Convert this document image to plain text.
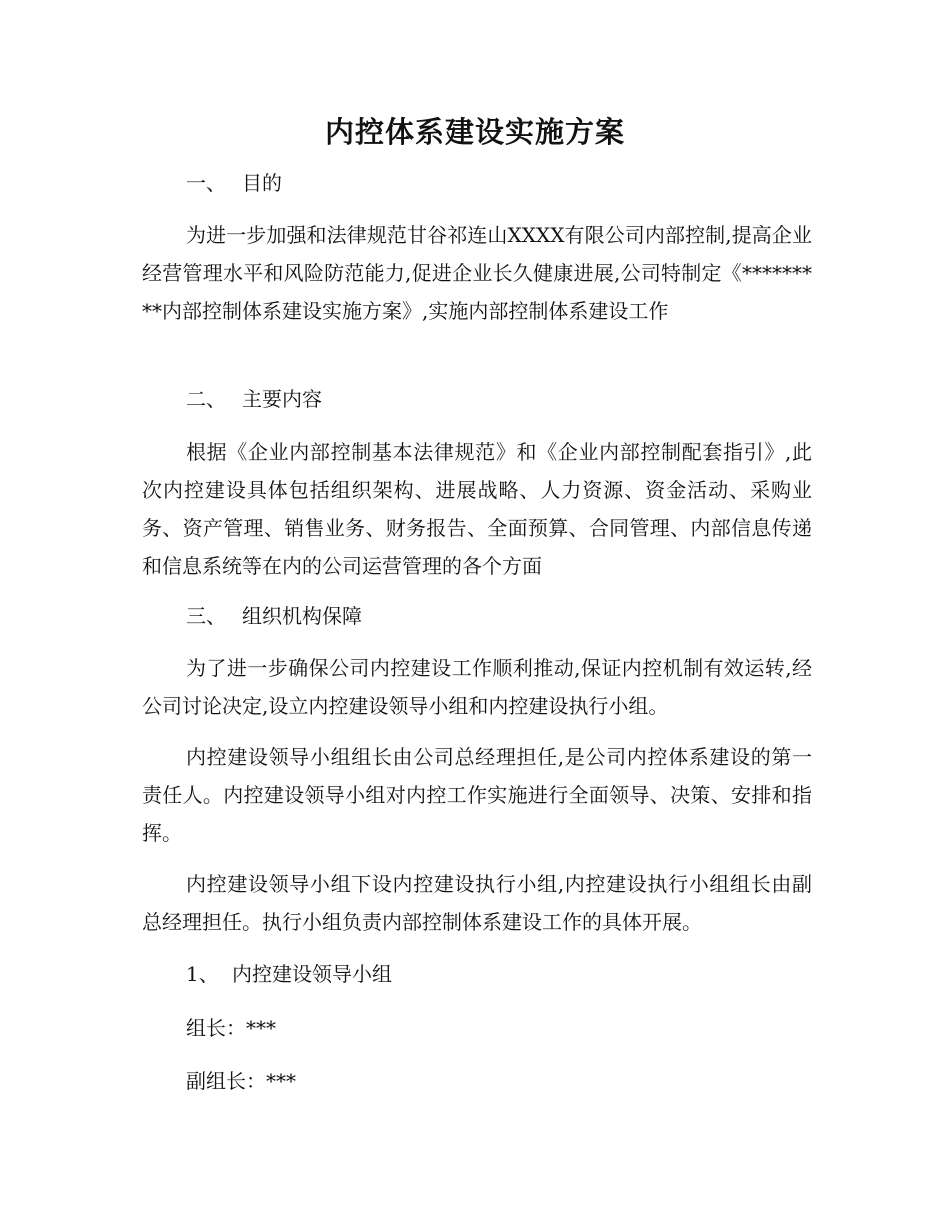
内控体系建设实施方案

一、 目的

为进一步加强和法律规范甘谷祁连山XXXX有限公司内部控制,提高企业经营管理水平和风险防范能力,促进企业长久健康进展,公司特制定《*********内部控制体系建设实施方案》,实施内部控制体系建设工作

二、 主要内容

根据《企业内部控制基本法律规范》和《企业内部控制配套指引》,此次内控建设具体包括组织架构、进展战略、人力资源、资金活动、采购业务、资产管理、销售业务、财务报告、全面预算、合同管理、内部信息传递和信息系统等在内的公司运营管理的各个方面

三、 组织机构保障

为了进一步确保公司内控建设工作顺利推动,保证内控机制有效运转,经公司讨论决定,设立内控建设领导小组和内控建设执行小组。

内控建设领导小组组长由公司总经理担任,是公司内控体系建设的第一责任人。内控建设领导小组对内控工作实施进行全面领导、决策、安排和指挥。

内控建设领导小组下设内控建设执行小组,内控建设执行小组组长由副总经理担任。执行小组负责内部控制体系建设工作的具体开展。

1、 内控建设领导小组

组长：***

副组长：***
